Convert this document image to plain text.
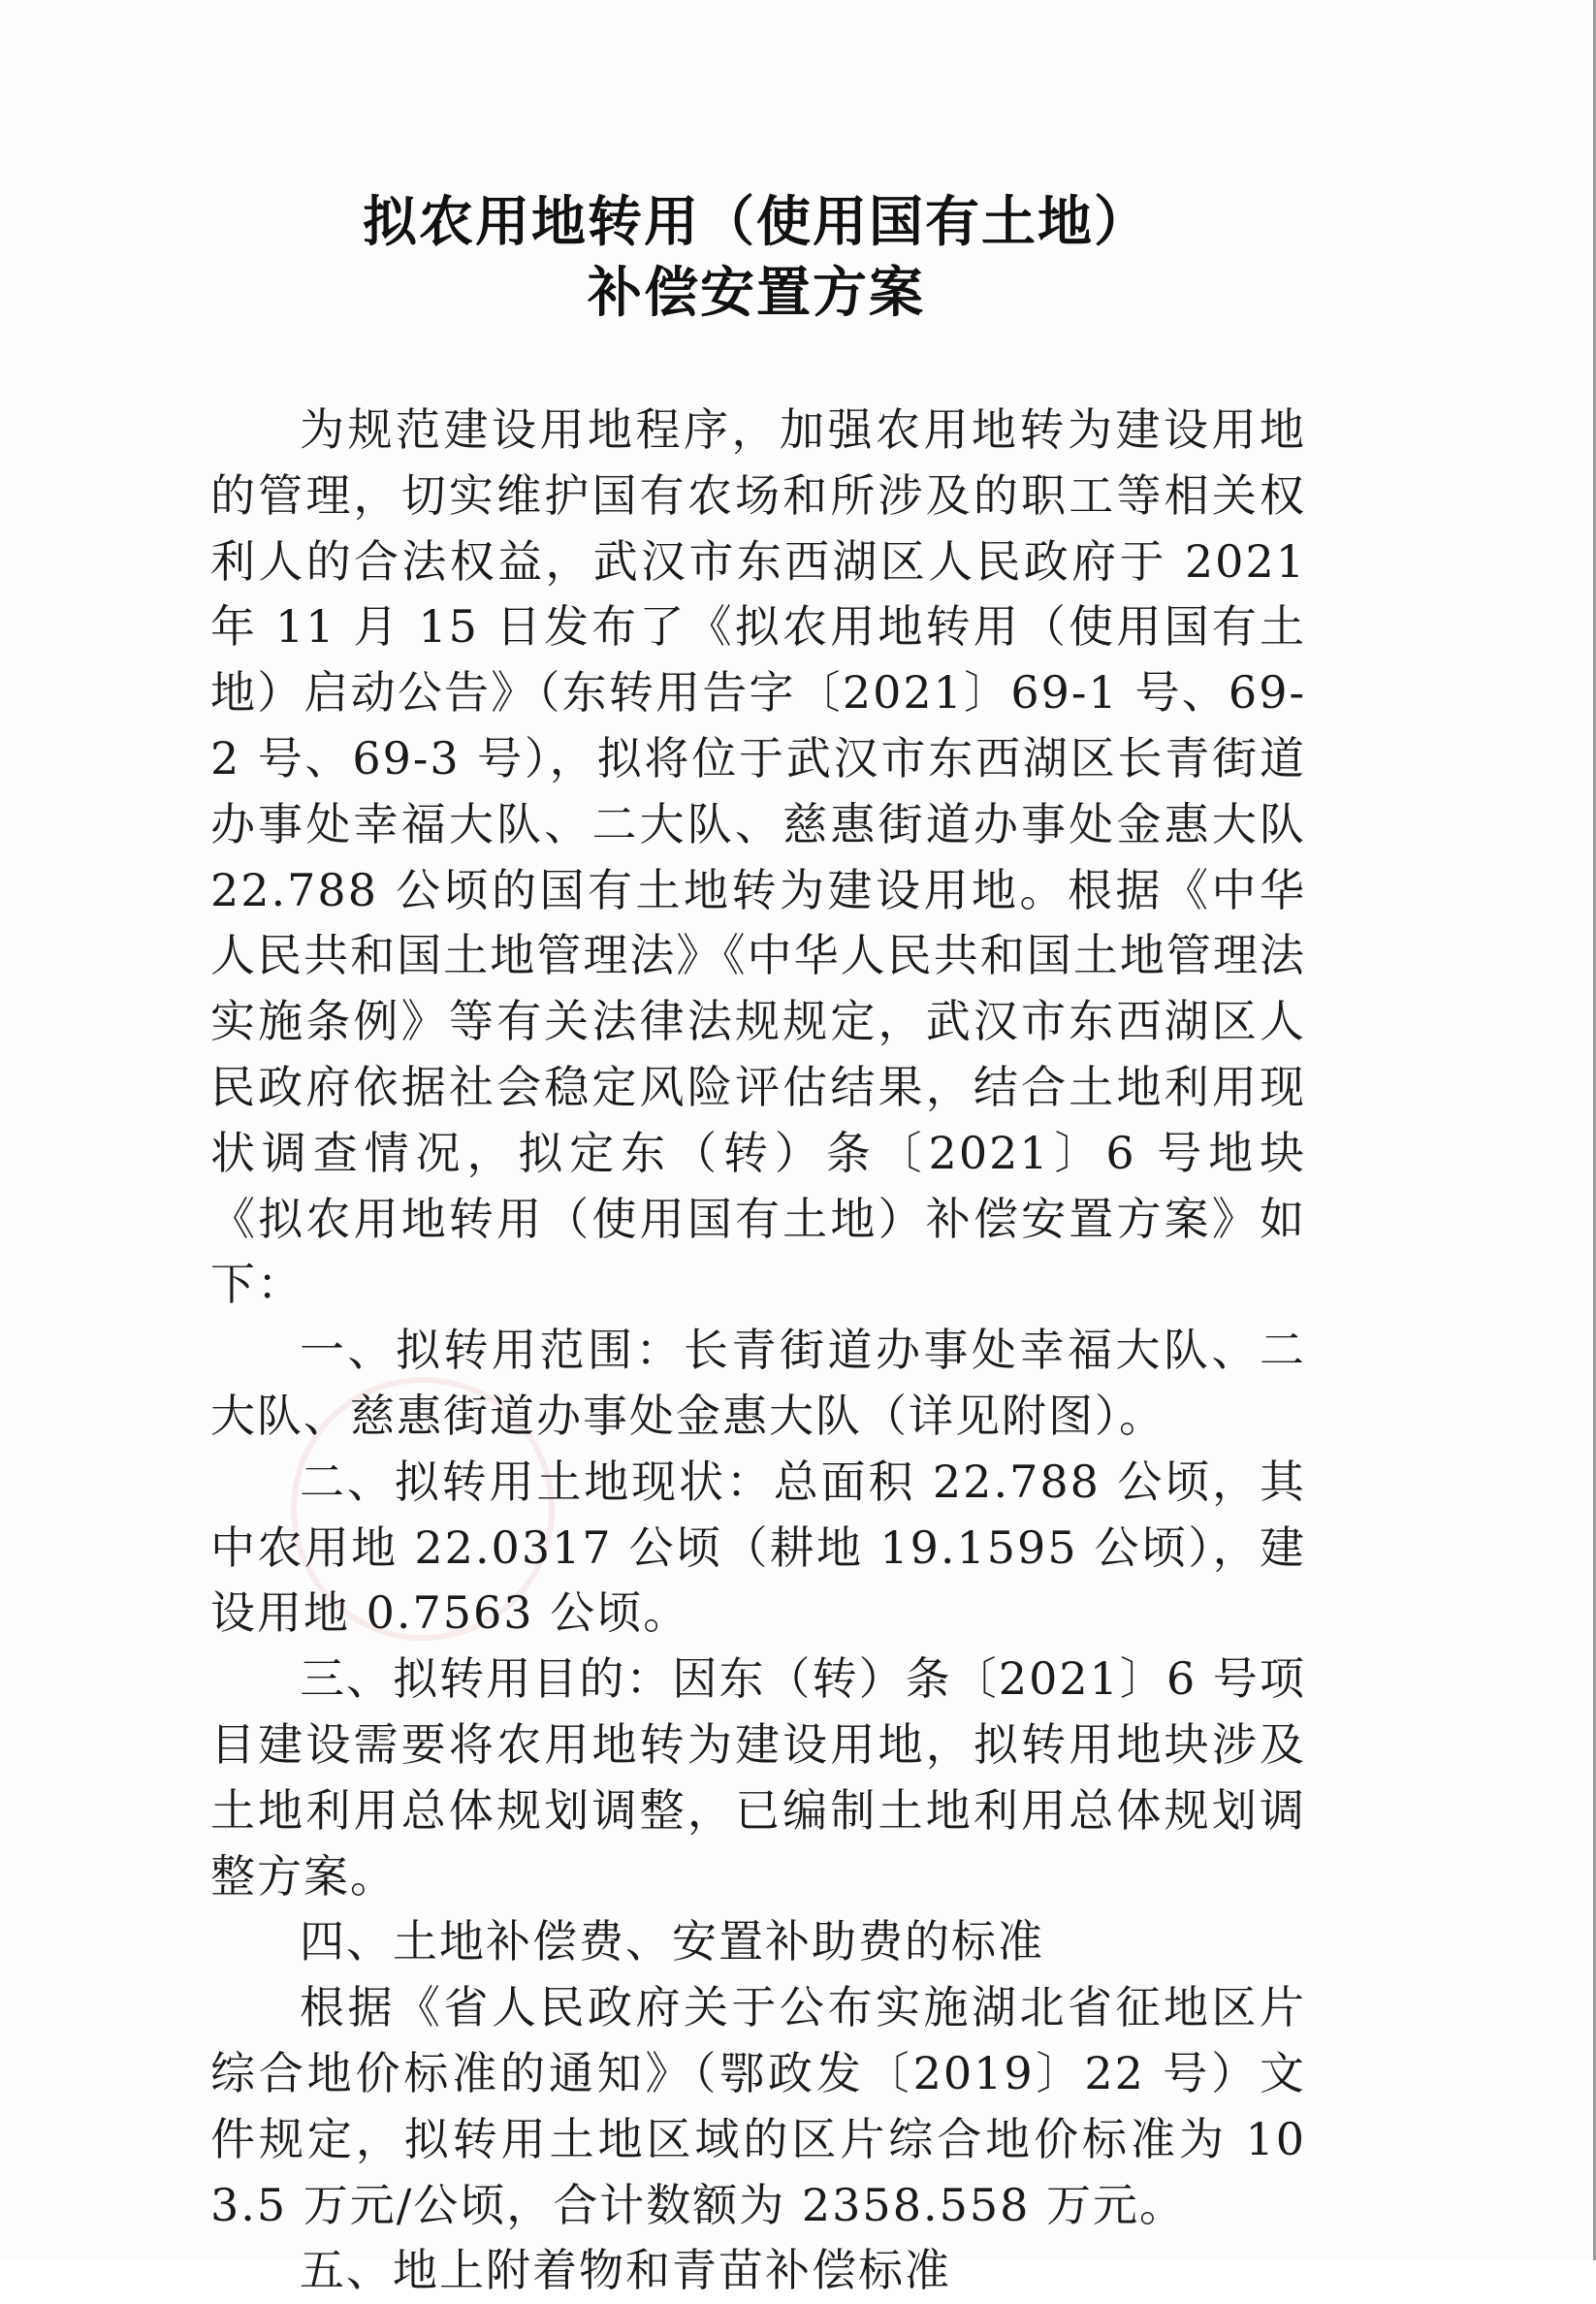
拟农用地转用（使用国有土地）
补偿安置方案

为规范建设用地程序，加强农用地转为建设用地的管理，切实维护国有农场和所涉及的职工等相关权利人的合法权益，武汉市东西湖区人民政府于 2021 年 11 月 15 日发布了《拟农用地转用（使用国有土地）启动公告》（东转用告字〔2021〕69-1 号、69-2 号、69-3 号），拟将位于武汉市东西湖区长青街道办事处幸福大队、二大队、慈惠街道办事处金惠大队 22.788 公顷的国有土地转为建设用地。根据《中华人民共和国土地管理法》《中华人民共和国土地管理法实施条例》等有关法律法规规定，武汉市东西湖区人民政府依据社会稳定风险评估结果，结合土地利用现状调查情况，拟定东（转）条〔2021〕6 号地块《拟农用地转用（使用国有土地）补偿安置方案》如下：

一、拟转用范围：长青街道办事处幸福大队、二大队、慈惠街道办事处金惠大队（详见附图）。

二、拟转用土地现状：总面积 22.788 公顷，其中农用地 22.0317 公顷（耕地 19.1595 公顷），建设用地 0.7563 公顷。

三、拟转用目的：因东（转）条〔2021〕6 号项目建设需要将农用地转为建设用地，拟转用地块涉及土地利用总体规划调整，已编制土地利用总体规划调整方案。

四、土地补偿费、安置补助费的标准

根据《省人民政府关于公布实施湖北省征地区片综合地价标准的通知》（鄂政发〔2019〕22 号）文件规定，拟转用土地区域的区片综合地价标准为 103.5 万元/公顷，合计数额为 2358.558 万元。

五、地上附着物和青苗补偿标准
